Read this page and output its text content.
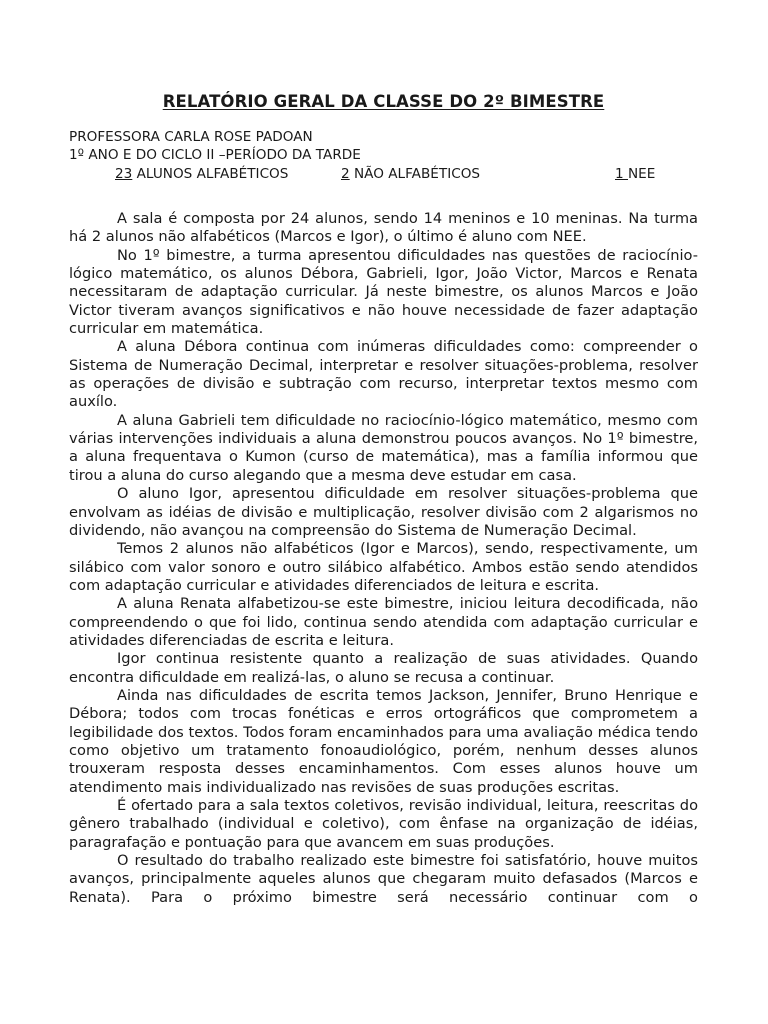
RELATÓRIO GERAL DA CLASSE DO 2º BIMESTRE
PROFESSORA CARLA ROSE PADOAN
1º ANO E DO CICLO II –PERÍODO DA TARDE
23 ALUNOS ALFABÉTICOS	2 NÃO ALFABÉTICOS	1 NEE

A sala é composta por 24 alunos, sendo 14 meninos e 10 meninas. Na turma há 2 alunos não alfabéticos (Marcos e Igor), o último é aluno com NEE.

No 1º bimestre, a turma apresentou dificuldades nas questões de raciocínio-lógico matemático, os alunos Débora, Gabrieli, Igor, João Victor, Marcos e Renata necessitaram de adaptação curricular. Já neste bimestre, os alunos Marcos e João Victor tiveram avanços significativos e não houve necessidade de fazer adaptação curricular em matemática.

A aluna Débora continua com inúmeras dificuldades como: compreender o Sistema de Numeração Decimal, interpretar e resolver situações-problema, resolver as operações de divisão e subtração com recurso, interpretar textos mesmo com auxílo.

A aluna Gabrieli tem dificuldade no raciocínio-lógico matemático, mesmo com várias intervenções individuais a aluna demonstrou poucos avanços. No 1º bimestre, a aluna frequentava o Kumon (curso de matemática), mas a família informou que tirou a aluna do curso alegando que a mesma deve estudar em casa.

O aluno Igor, apresentou dificuldade em resolver situações-problema que envolvam as idéias de divisão e multiplicação, resolver divisão com 2 algarismos no dividendo, não avançou na compreensão do Sistema de Numeração Decimal.

Temos 2 alunos não alfabéticos (Igor e Marcos), sendo, respectivamente, um silábico com valor sonoro e outro silábico alfabético. Ambos estão sendo atendidos com adaptação curricular e atividades diferenciados de leitura e escrita.

A aluna Renata alfabetizou-se este bimestre, iniciou leitura decodificada, não compreendendo o que foi lido, continua sendo atendida com adaptação curricular e atividades diferenciadas de escrita e leitura.

Igor continua resistente quanto a realização de suas atividades. Quando encontra dificuldade em realizá-las, o aluno se recusa a continuar.

Ainda nas dificuldades de escrita temos Jackson, Jennifer, Bruno Henrique e Débora; todos com trocas fonéticas e erros ortográficos que comprometem a legibilidade dos textos. Todos foram encaminhados para uma avaliação médica tendo como objetivo um tratamento fonoaudiológico, porém, nenhum desses alunos trouxeram resposta desses encaminhamentos. Com esses alunos houve um atendimento mais individualizado nas revisões de suas produções escritas.

É ofertado para a sala textos coletivos, revisão individual, leitura, reescritas do gênero trabalhado (individual e coletivo), com ênfase na organização de idéias, paragrafação e pontuação para que avancem em suas produções.

O resultado do trabalho realizado este bimestre foi satisfatório, houve muitos avanços, principalmente aqueles alunos que chegaram muito defasados (Marcos e Renata). Para o próximo bimestre será necessário continuar com o
